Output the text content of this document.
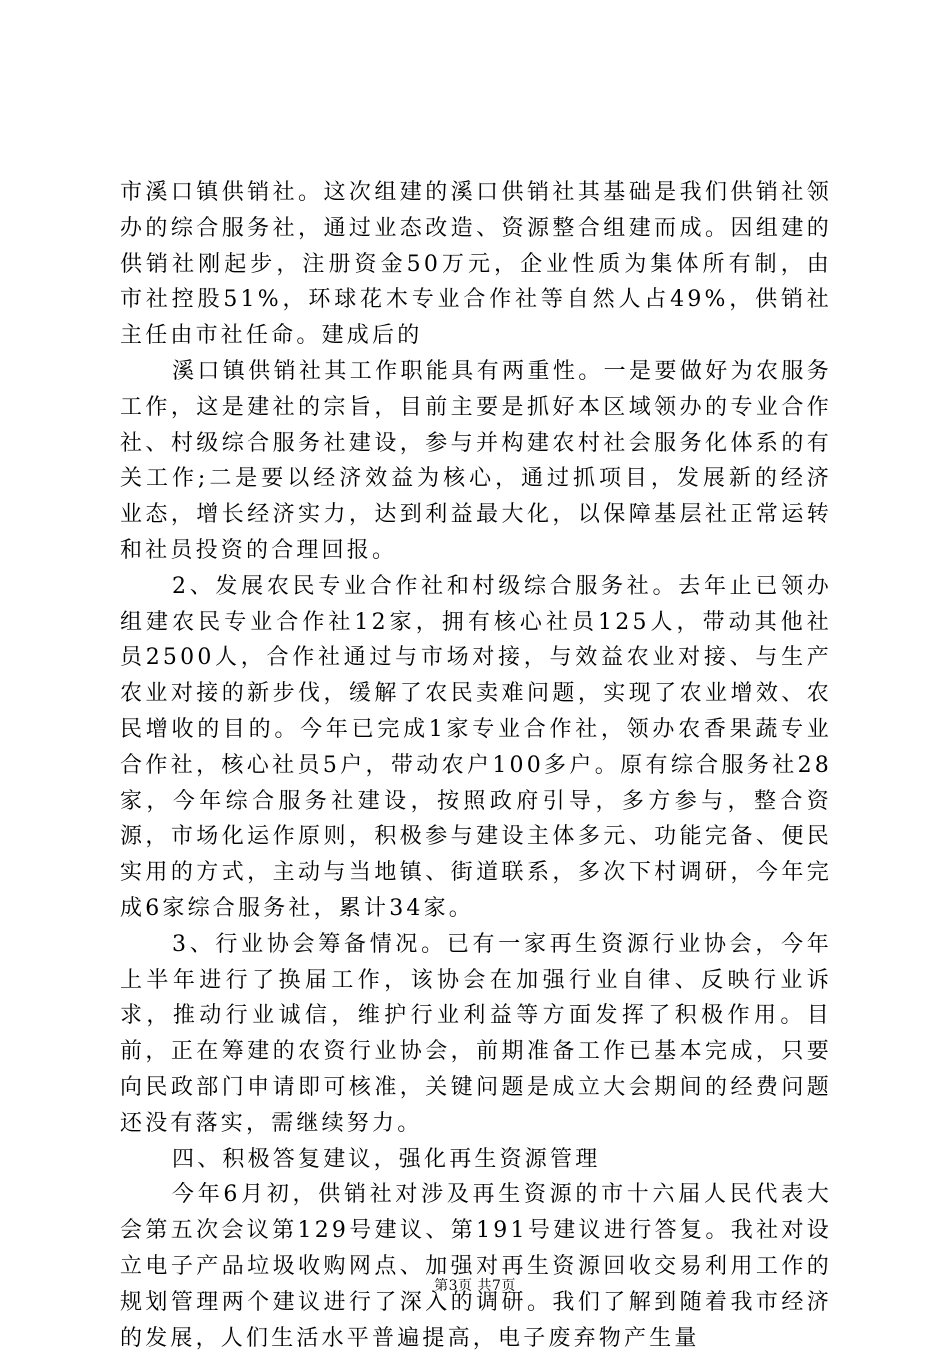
市溪口镇供销社。这次组建的溪口供销社其基础是我们供销社领办的综合服务社，通过业态改造、资源整合组建而成。因组建的供销社刚起步，注册资金50万元，企业性质为集体所有制，由市社控股51%，环球花木专业合作社等自然人占49%，供销社主任由市社任命。建成后的

溪口镇供销社其工作职能具有两重性。一是要做好为农服务工作，这是建社的宗旨，目前主要是抓好本区域领办的专业合作社、村级综合服务社建设，参与并构建农村社会服务化体系的有关工作;二是要以经济效益为核心，通过抓项目，发展新的经济业态，增长经济实力，达到利益最大化，以保障基层社正常运转和社员投资的合理回报。

2、发展农民专业合作社和村级综合服务社。去年止已领办组建农民专业合作社12家，拥有核心社员125人，带动其他社员2500人，合作社通过与市场对接，与效益农业对接、与生产农业对接的新步伐，缓解了农民卖难问题，实现了农业增效、农民增收的目的。今年已完成1家专业合作社，领办农香果蔬专业合作社，核心社员5户，带动农户100多户。原有综合服务社28家，今年综合服务社建设，按照政府引导，多方参与，整合资源，市场化运作原则，积极参与建设主体多元、功能完备、便民实用的方式，主动与当地镇、街道联系，多次下村调研，今年完成6家综合服务社，累计34家。

3、行业协会筹备情况。已有一家再生资源行业协会，今年上半年进行了换届工作，该协会在加强行业自律、反映行业诉求，推动行业诚信，维护行业利益等方面发挥了积极作用。目前，正在筹建的农资行业协会，前期准备工作已基本完成，只要向民政部门申请即可核准，关键问题是成立大会期间的经费问题还没有落实，需继续努力。

四、积极答复建议，强化再生资源管理

今年6月初，供销社对涉及再生资源的市十六届人民代表大会第五次会议第129号建议、第191号建议进行答复。我社对设立电子产品垃圾收购网点、加强对再生资源回收交易利用工作的规划管理两个建议进行了深入的调研。我们了解到随着我市经济的发展，人们生活水平普遍提高，电子废弃物产生量

第3页 共7页
